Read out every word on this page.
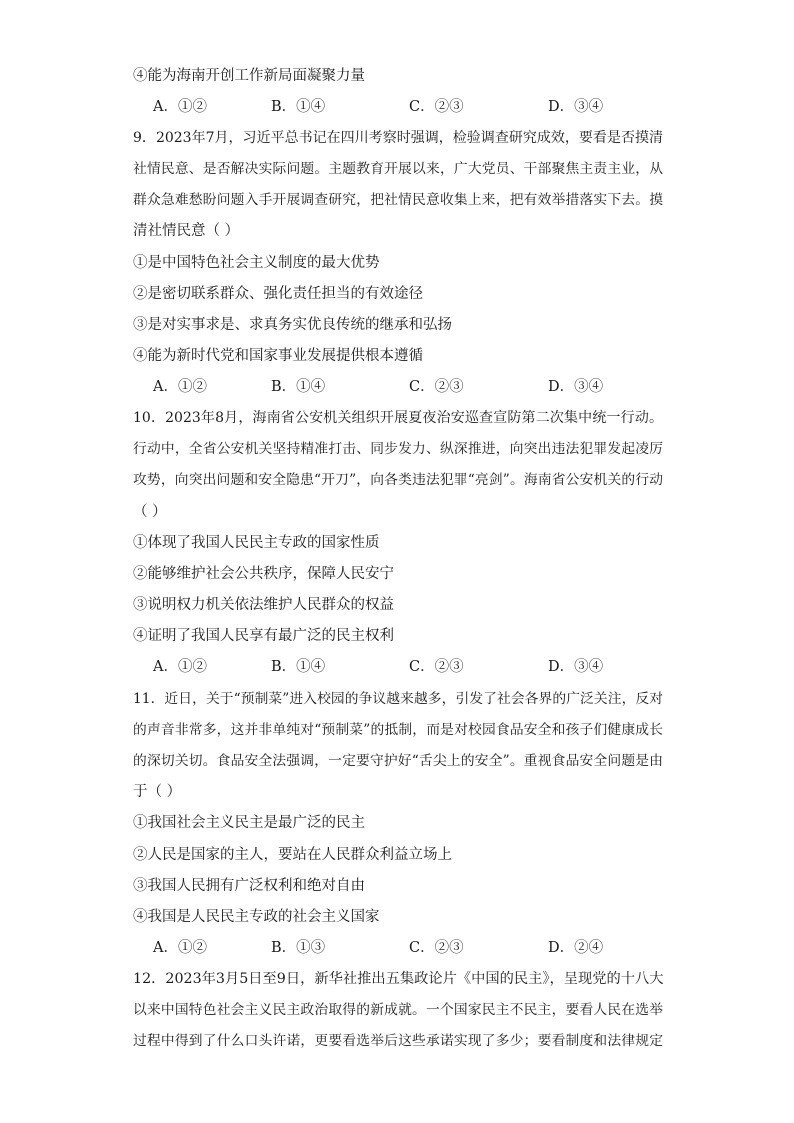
④能为海南开创工作新局面凝聚力量
A．①②	B．①④	C．②③	D．③④
9．2023年7月，习近平总书记在四川考察时强调，检验调查研究成效，要看是否摸清
社情民意、是否解决实际问题。主题教育开展以来，广大党员、干部聚焦主责主业，从
群众急难愁盼问题入手开展调查研究，把社情民意收集上来，把有效举措落实下去。摸
清社情民意（ ）
①是中国特色社会主义制度的最大优势
②是密切联系群众、强化责任担当的有效途径
③是对实事求是、求真务实优良传统的继承和弘扬
④能为新时代党和国家事业发展提供根本遵循
A．①②	B．①④	C．②③	D．③④
10．2023年8月，海南省公安机关组织开展夏夜治安巡查宣防第二次集中统一行动。
行动中，全省公安机关坚持精准打击、同步发力、纵深推进，向突出违法犯罪发起凌厉
攻势，向突出问题和安全隐患“开刀”，向各类违法犯罪“亮剑”。海南省公安机关的行动
（ ）
①体现了我国人民民主专政的国家性质
②能够维护社会公共秩序，保障人民安宁
③说明权力机关依法维护人民群众的权益
④证明了我国人民享有最广泛的民主权利
A．①②	B．①④	C．②③	D．③④
11．近日，关于“预制菜”进入校园的争议越来越多，引发了社会各界的广泛关注，反对
的声音非常多，这并非单纯对“预制菜”的抵制，而是对校园食品安全和孩子们健康成长
的深切关切。食品安全法强调，一定要守护好“舌尖上的安全”。重视食品安全问题是由
于（ ）
①我国社会主义民主是最广泛的民主
②人民是国家的主人，要站在人民群众利益立场上
③我国人民拥有广泛权利和绝对自由
④我国是人民民主专政的社会主义国家
A．①②	B．①③	C．②③	D．②④
12．2023年3月5日至9日，新华社推出五集政论片《中国的民主》，呈现党的十八大
以来中国特色社会主义民主政治取得的新成就。一个国家民主不民主，要看人民在选举
过程中得到了什么口头许诺，更要看选举后这些承诺实现了多少；要看制度和法律规定
